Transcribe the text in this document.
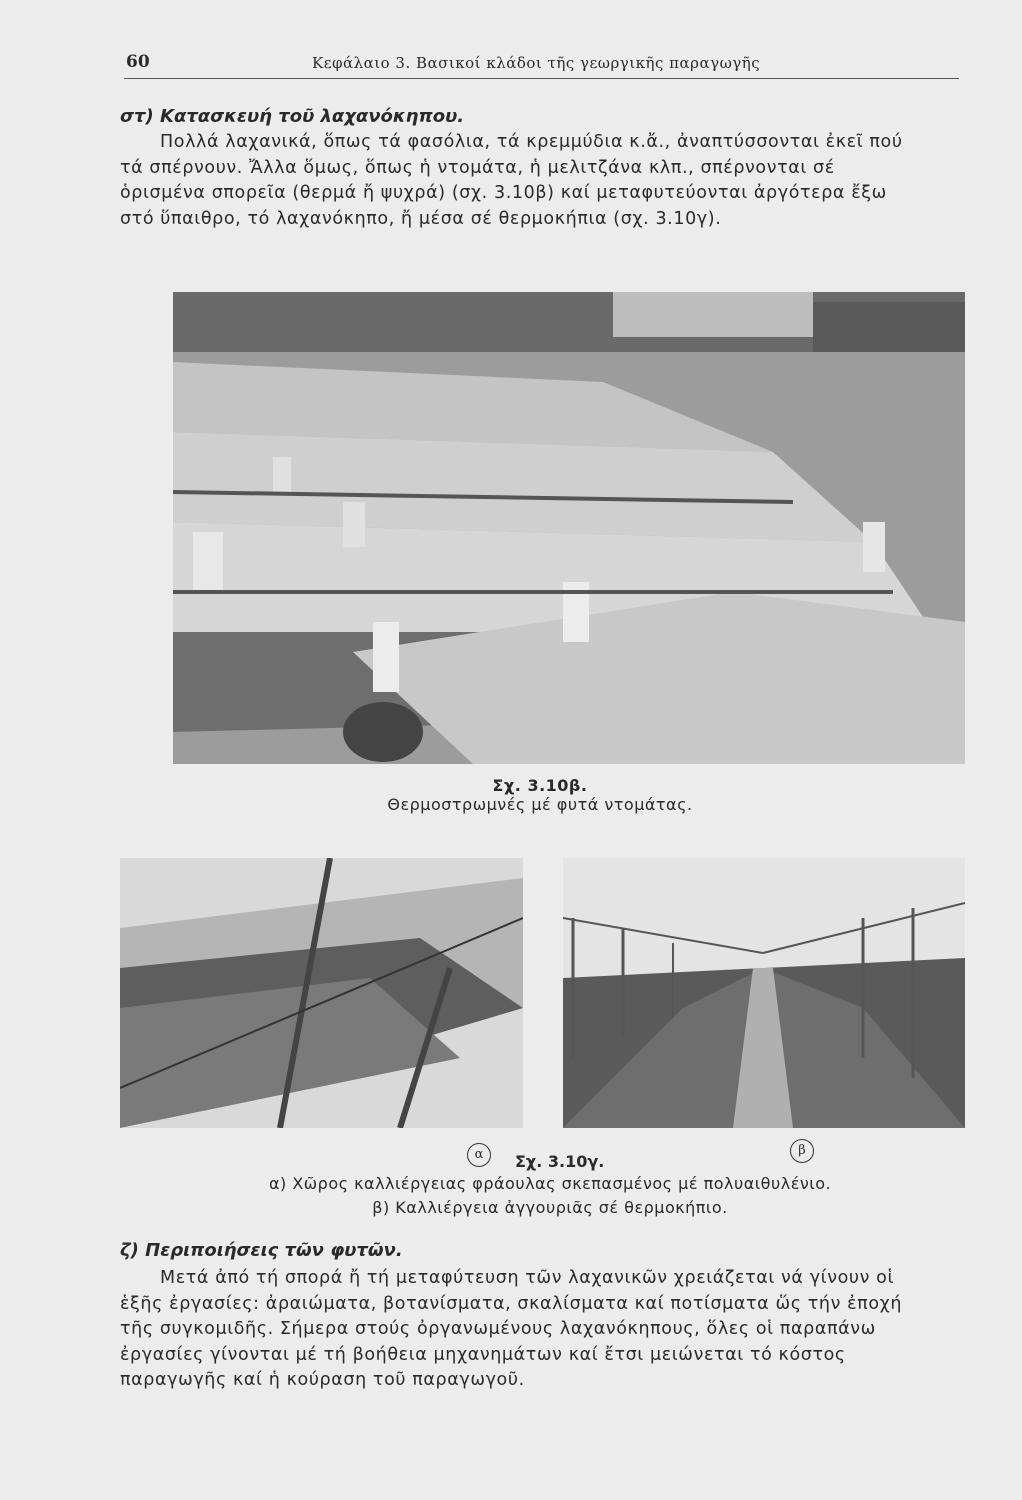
60	Κεφάλαιο 3. Βασικοί κλάδοι τῆς γεωργικῆς παραγωγῆς
στ) Κατασκευή τοῦ λαχανόκηπου.

Πολλά λαχανικά, ὅπως τά φασόλια, τά κρεμμύδια κ.ἄ., ἀναπτύσσονται ἐκεῖ πού

τά σπέρνουν. Ἄλλα ὅμως, ὅπως ἡ ντομάτα, ἡ μελιτζάνα κλπ., σπέρνονται σέ

ὁρισμένα σπορεῖα (θερμά ἤ ψυχρά) (σχ. 3.10β) καί μεταφυτεύονται ἀργότερα ἔξω

στό ὕπαιθρο, τό λαχανόκηπο, ἤ μέσα σέ θερμοκήπια (σχ. 3.10γ).

Σχ. 3.10β.
Θερμοστρωμνές μέ φυτά ντομάτας.
α	β
Σχ. 3.10γ.
α) Χῶρος καλλιέργειας φράουλας σκεπασμένος μέ πολυαιθυλένιο.
β) Καλλιέργεια ἀγγουριᾶς σέ θερμοκήπιο.
ζ) Περιποιήσεις τῶν φυτῶν.

Μετά ἀπό τή σπορά ἤ τή μεταφύτευση τῶν λαχανικῶν χρειάζεται νά γίνουν οἱ

ἑξῆς ἐργασίες: ἀραιώματα, βοτανίσματα, σκαλίσματα καί ποτίσματα ὥς τήν ἐποχή

τῆς συγκομιδῆς. Σήμερα στούς ὀργανωμένους λαχανόκηπους, ὅλες οἱ παραπάνω

ἐργασίες γίνονται μέ τή βοήθεια μηχανημάτων καί ἔτσι μειώνεται τό κόστος

παραγωγῆς καί ἡ κούραση τοῦ παραγωγοῦ.
